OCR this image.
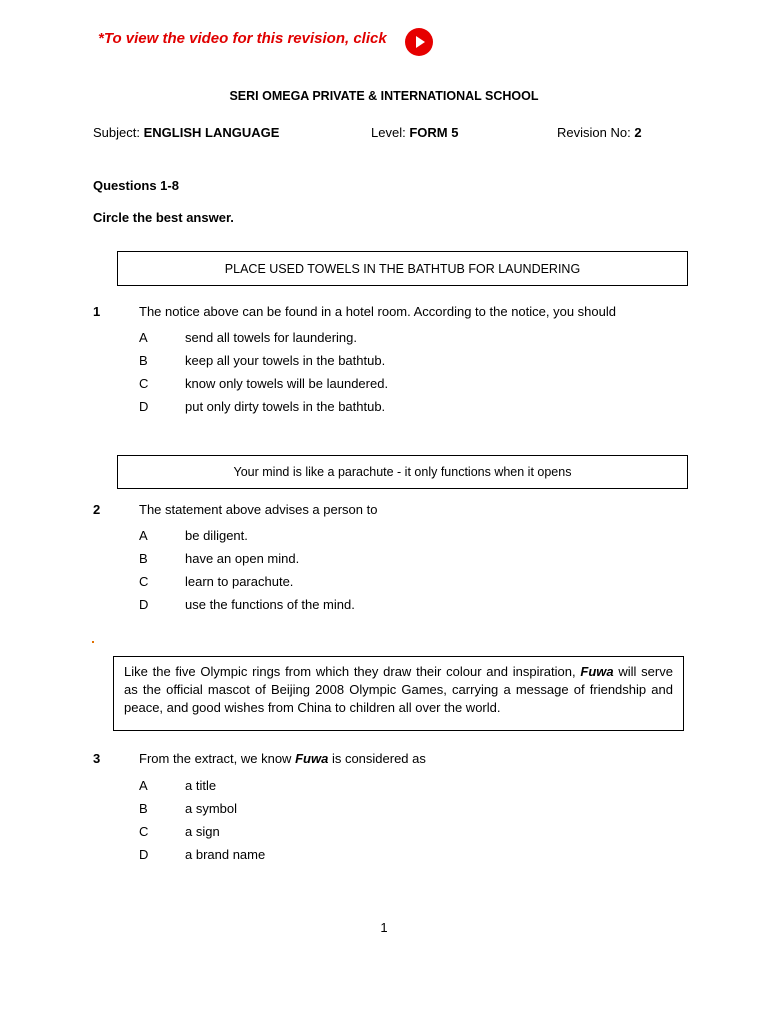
*To view the video for this revision, click
SERI OMEGA PRIVATE & INTERNATIONAL SCHOOL
Subject: ENGLISH LANGUAGE	Level: FORM 5	Revision No: 2
Questions 1-8
Circle the best answer.
PLACE USED TOWELS IN THE BATHTUB FOR LAUNDERING
1	The notice above can be found in a hotel room. According to the notice, you should
A	send all towels for laundering.
B	keep all your towels in the bathtub.
C	know only towels will be laundered.
D	put only dirty towels in the bathtub.
Your mind is like a parachute - it only functions when it opens
2	The statement above advises a person to
A	be diligent.
B	have an open mind.
C	learn to parachute.
D	use the functions of the mind.
Like the five Olympic rings from which they draw their colour and inspiration, Fuwa will serve as the official mascot of Beijing 2008 Olympic Games, carrying a message of friendship and peace, and good wishes from China to children all over the world.
3	From the extract, we know Fuwa is considered as
A	a title
B	a symbol
C	a sign
D	a brand name
1
